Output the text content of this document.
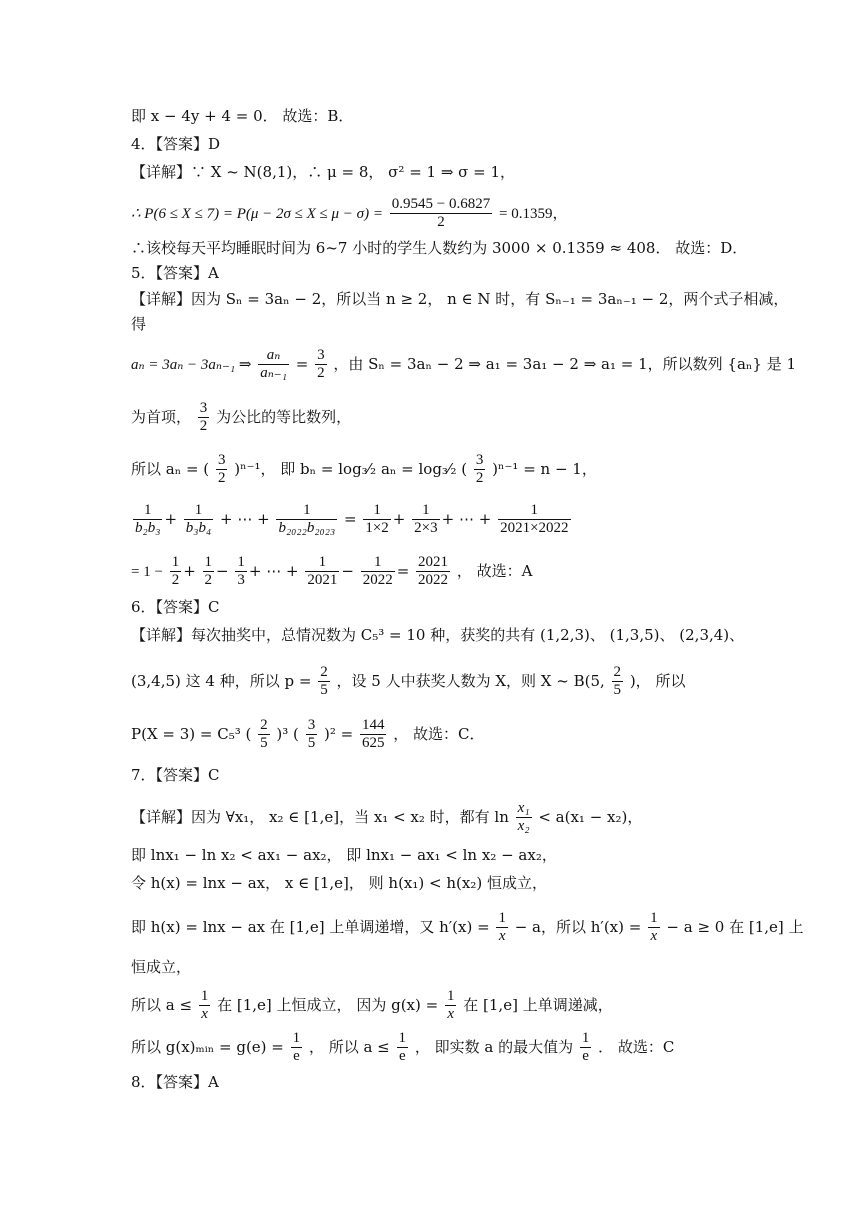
即 x − 4y + 4 = 0． 故选：B．
4．【答案】D
【详解】∵ X ~ N(8,1)，∴ μ = 8， σ² = 1 ⇒ σ = 1，
∴ $P(6 \le X \le 7) = P(\mu - 2\sigma \le X \le \mu - \sigma) = \frac{0.9545 - 0.6827}{2} = 0.1359$，
∴该校每天平均睡眠时间为 6~7 小时的学生人数约为 3000 × 0.1359 ≈ 408． 故选：D．
5．【答案】A
【详解】因为 Sₙ = 3aₙ − 2，所以当 n ≥ 2， n ∈ N 时，有 Sₙ₋₁ = 3aₙ₋₁ − 2，两个式子相减，
得
aₙ = 3aₙ − 3aₙ₋₁ ⇒ $\frac{\text{aₙ}}{\text{aₙ₋₁}} = \frac{3}{2}$ ，由 Sₙ = 3aₙ − 2 ⇒ a₁ = 3a₁ − 2 ⇒ a₁ = 1，所以数列 {aₙ} 是 1
为首项， $\frac{3}{2}$ 为公比的等比数列，
所以 aₙ = ( $\frac{3}{2} )^{n-1}$， 即 bₙ = log₃⁄₂ aₙ = log₃⁄₂ ( $\frac{3}{2} )^{n-1} = n - 1$，
$\frac{1}{\text{b₂b₃}} + \frac{1}{\text{b₃b₄}}$ + ⋯ + $\frac{1}{\text{b₂₀₂₂b₂₀₂₃}} = \frac{1}{1\times 2} + \frac{1}{2\times 3}$ + ⋯ + $\frac{1}{2021\times 2022}$
= $1 - \frac{1}{2} + \frac{1}{2} - \frac{1}{3}$ + ⋯ + $\frac{1}{2021} - \frac{1}{2022} = \frac{2021}{2022}$ ， 故选：A
6．【答案】C
【详解】每次抽奖中，总情况数为 C₅³ = 10 种，获奖的共有 (1,2,3)、 (1,3,5)、 (2,3,4)、
(3,4,5) 这 4 种，所以 $p = \frac{2}{5}$ ，设 5 人中获奖人数为 X，则 X ~ B(5, $\frac{2}{5}$ )， 所以
P(X = 3) = C₅³ ( $\frac{2}{5} )^3$ ( $\frac{3}{5} )^2 = \frac{144}{625}$ ， 故选：C．
7．【答案】C
【详解】因为 ∀x₁， x₂ ∈ [1,e]，当 x₁ < x₂ 时，都有 $\ln \frac{\text{x₁}}{\text{x₂}} < a(x_1 - x_2)$，
即 lnx₁ − ln x₂ < ax₁ − ax₂， 即 lnx₁ − ax₁ < ln x₂ − ax₂，
令 h(x) = lnx − ax， x ∈ [1,e]， 则 h(x₁) < h(x₂) 恒成立，
即 h(x) = lnx − ax 在 [1,e] 上单调递增，又 $h'(x) = \frac{1}{x} - a$，所以 $h'(x) = \frac{1}{x} - a \ge 0$ 在 [1,e] 上
恒成立，
所以 $a \le \frac{1}{x}$ 在 [1,e] 上恒成立， 因为 $g(x) = \frac{1}{x}$ 在 [1,e] 上单调递减，
所以 g(x)ₘᵢₙ = $g(e) = \frac{1}{e}$ ， 所以 $a \le \frac{1}{e}$ ， 即实数 a 的最大值为 $\frac{1}{e}$ ． 故选：C
8．【答案】A
